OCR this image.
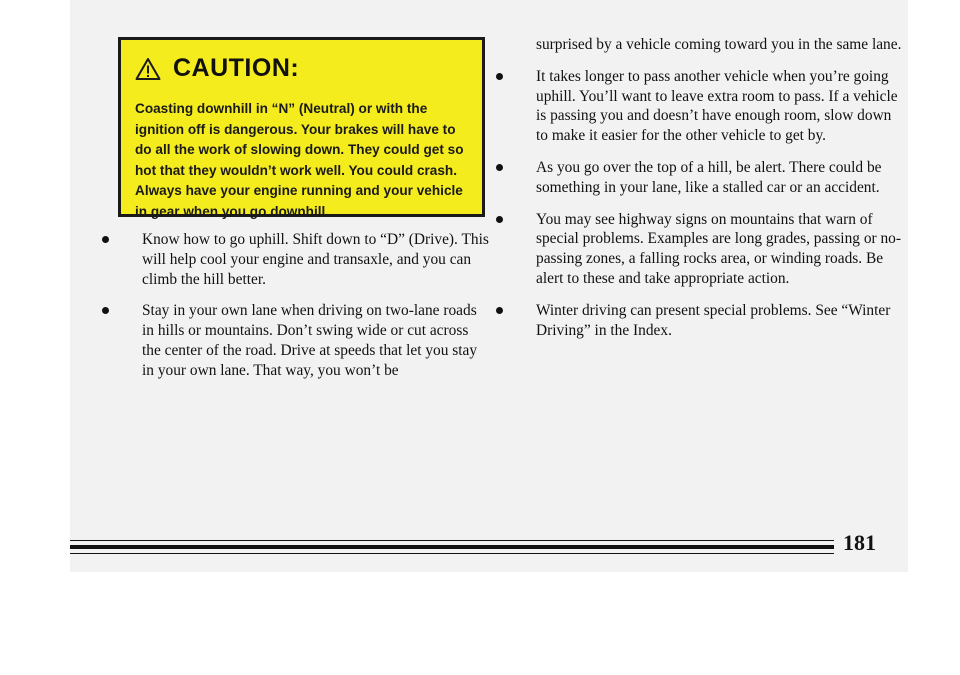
CAUTION:

Coasting downhill in “N” (Neutral) or with the ignition off is dangerous. Your brakes will have to do all the work of slowing down. They could get so hot that they wouldn’t work well. You could crash. Always have your engine running and your vehicle in gear when you go downhill.

Know how to go uphill. Shift down to “D” (Drive). This will help cool your engine and transaxle, and you can climb the hill better.
Stay in your own lane when driving on two-lane roads in hills or mountains. Don’t swing wide or cut across the center of the road. Drive at speeds that let you stay in your own lane. That way, you won’t be

surprised by a vehicle coming toward you in the same lane.

It takes longer to pass another vehicle when you’re going uphill. You’ll want to leave extra room to pass. If a vehicle is passing you and doesn’t have enough room, slow down to make it easier for the other vehicle to get by.
As you go over the top of a hill, be alert. There could be something in your lane, like a stalled car or an accident.
You may see highway signs on mountains that warn of special problems. Examples are long grades, passing or no-passing zones, a falling rocks area, or winding roads. Be alert to these and take appropriate action.
Winter driving can present special problems. See “Winter Driving” in the Index.
181
